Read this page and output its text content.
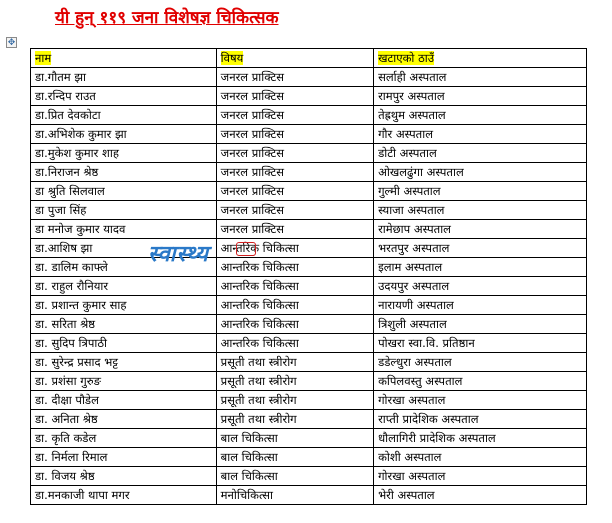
यी हुन् ११९ जना विशेषज्ञ चिकित्सक
✥
नाम	विषय	खटाएको ठाउँ
डा.गौतम झा	जनरल प्राक्टिस	सर्लाही अस्पताल
डा.रन्दिप राउत	जनरल प्राक्टिस	रामपुर अस्पताल
डा.प्रित देवकोटा	जनरल प्राक्टिस	तेह्रथुम अस्पताल
डा.अभिशेक कुमार झा	जनरल प्राक्टिस	गौर अस्पताल
डा.मुकेश कुमार शाह	जनरल प्राक्टिस	डोटी अस्पताल
डा.निराजन श्रेष्ठ	जनरल प्राक्टिस	ओखलढुंगा अस्पताल
डा श्रुति सिलवाल	जनरल प्राक्टिस	गुल्मी अस्पताल
डा पुजा सिंह	जनरल प्राक्टिस	स्याजा अस्पताल
डा मनोज कुमार यादव	जनरल प्राक्टिस	रामेछाप अस्पताल
डा.आशिष झा	आन्तरिक चिकित्सा	भरतपुर अस्पताल
डा. डालिम काफ्ले	आन्तरिक चिकित्सा	इलाम अस्पताल
डा. राहुल रौनियार	आन्तरिक चिकित्सा	उदयपुर अस्पताल
डा. प्रशान्त कुमार साह	आन्तरिक चिकित्सा	नारायणी अस्पताल
डा. सरिता श्रेष्ठ	आन्तरिक चिकित्सा	त्रिशुली अस्पताल
डा. सुदिप त्रिपाठी	आन्तरिक चिकित्सा	पोखरा स्वा.वि. प्रतिष्ठान
डा. सुरेन्द्र प्रसाद भट्ट	प्रसूती तथा स्त्रीरोग	डडेल्धुरा अस्पताल
डा. प्रशंसा गुरुङ	प्रसूती तथा स्त्रीरोग	कपिलवस्तु अस्पताल
डा. दीक्षा पौडेल	प्रसूती तथा स्त्रीरोग	गोरखा अस्पताल
डा. अनिता श्रेष्ठ	प्रसूती तथा स्त्रीरोग	राप्ती प्रादेशिक अस्पताल
डा. कृति कडेल	बाल चिकित्सा	धौलागिरी प्रादेशिक अस्पताल
डा. निर्मला रिमाल	बाल चिकित्सा	कोशी अस्पताल
डा. विजय श्रेष्ठ	बाल चिकित्सा	गोरखा अस्पताल
डा.मनकाजी थापा मगर	मनोचिकित्सा	भेरी अस्पताल
स्वास्थ्य
